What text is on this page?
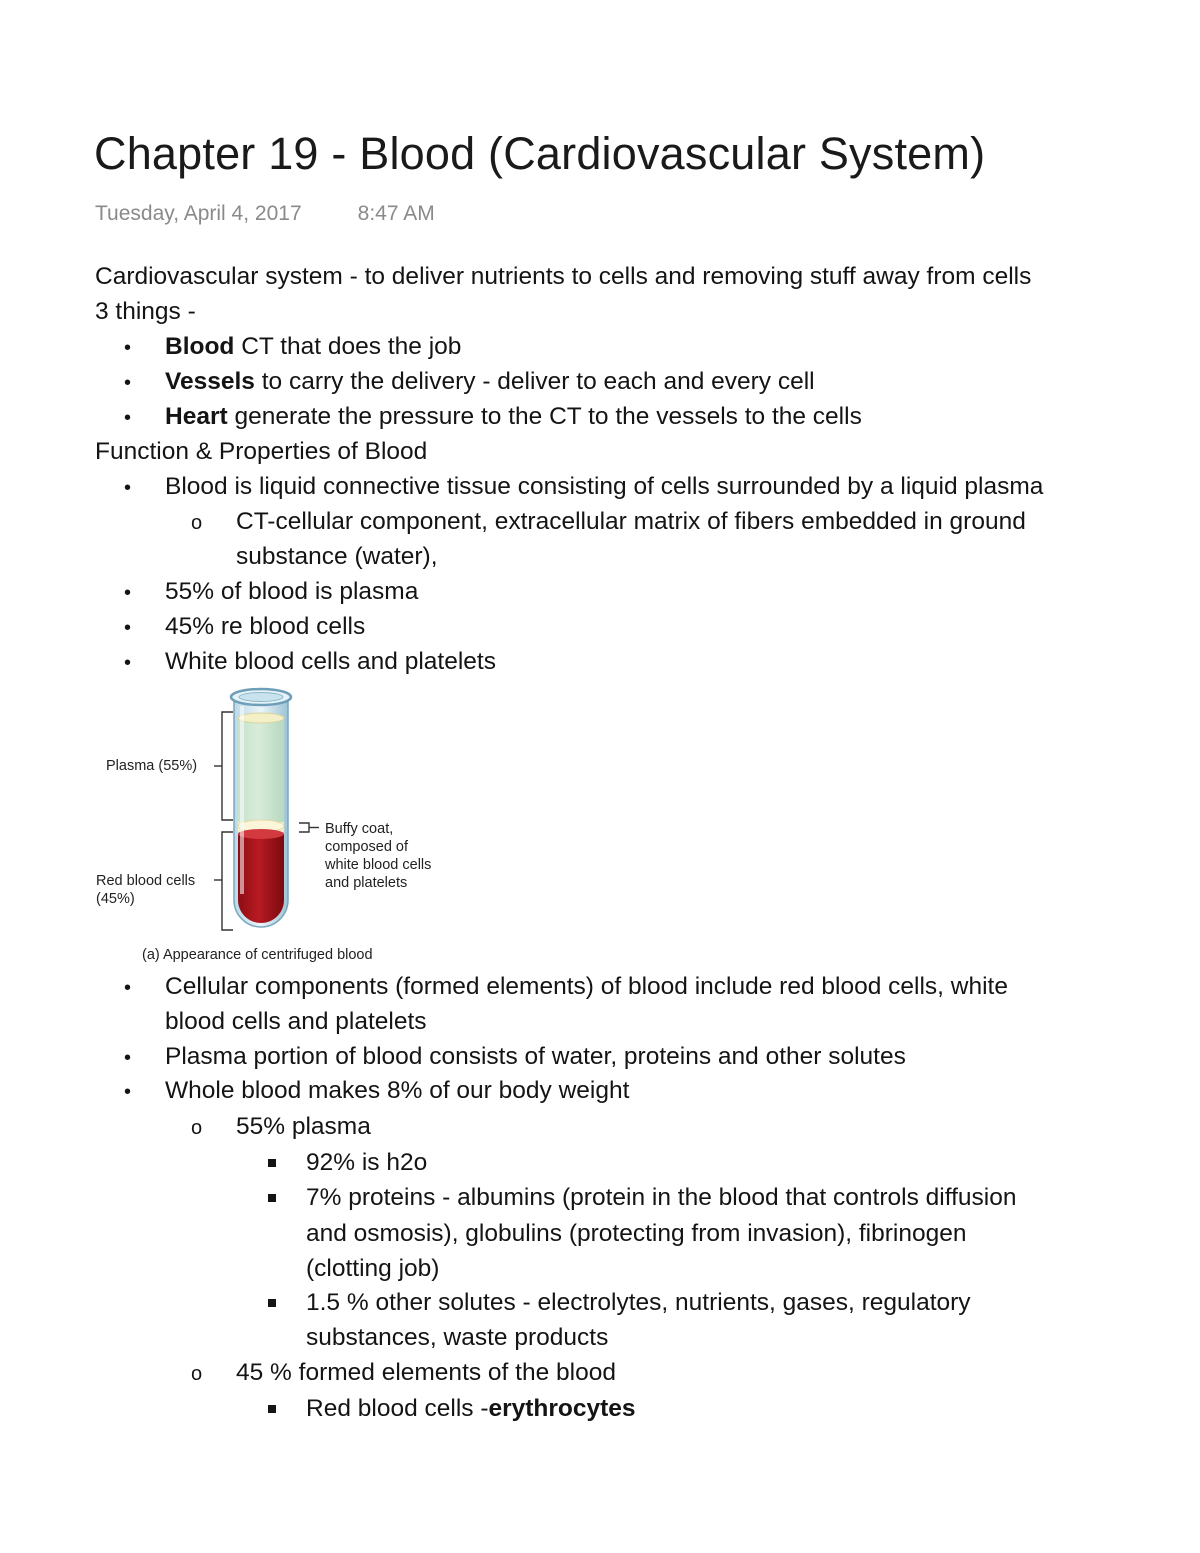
Chapter 19 - Blood (Cardiovascular System)
Tuesday, April 4, 2017	8:47 AM
Cardiovascular system - to deliver nutrients to cells and removing stuff away from cells
3 things -
• Blood CT that does the job
• Vessels to carry the delivery - deliver to each and every cell
• Heart generate the pressure to the CT to the vessels to the cells
Function & Properties of Blood
• Blood is liquid connective tissue consisting of cells surrounded by a liquid plasma
o CT-cellular component, extracellular matrix of fibers embedded in ground
substance (water),
• 55% of blood is plasma
• 45% re blood cells
• White blood cells and platelets
Plasma (55%)
Red blood cells
(45%)
Buffy coat,
composed of
white blood cells
and platelets
(a) Appearance of centrifuged blood
• Cellular components (formed elements) of blood include red blood cells, white
blood cells and platelets
• Plasma portion of blood consists of water, proteins and other solutes
• Whole blood makes 8% of our body weight
o 55% plasma
92% is h2o
7% proteins - albumins (protein in the blood that controls diffusion
and osmosis), globulins (protecting from invasion), fibrinogen
(clotting job)
1.5 % other solutes - electrolytes, nutrients, gases, regulatory
substances, waste products
o 45 % formed elements of the blood
Red blood cells -erythrocytes
